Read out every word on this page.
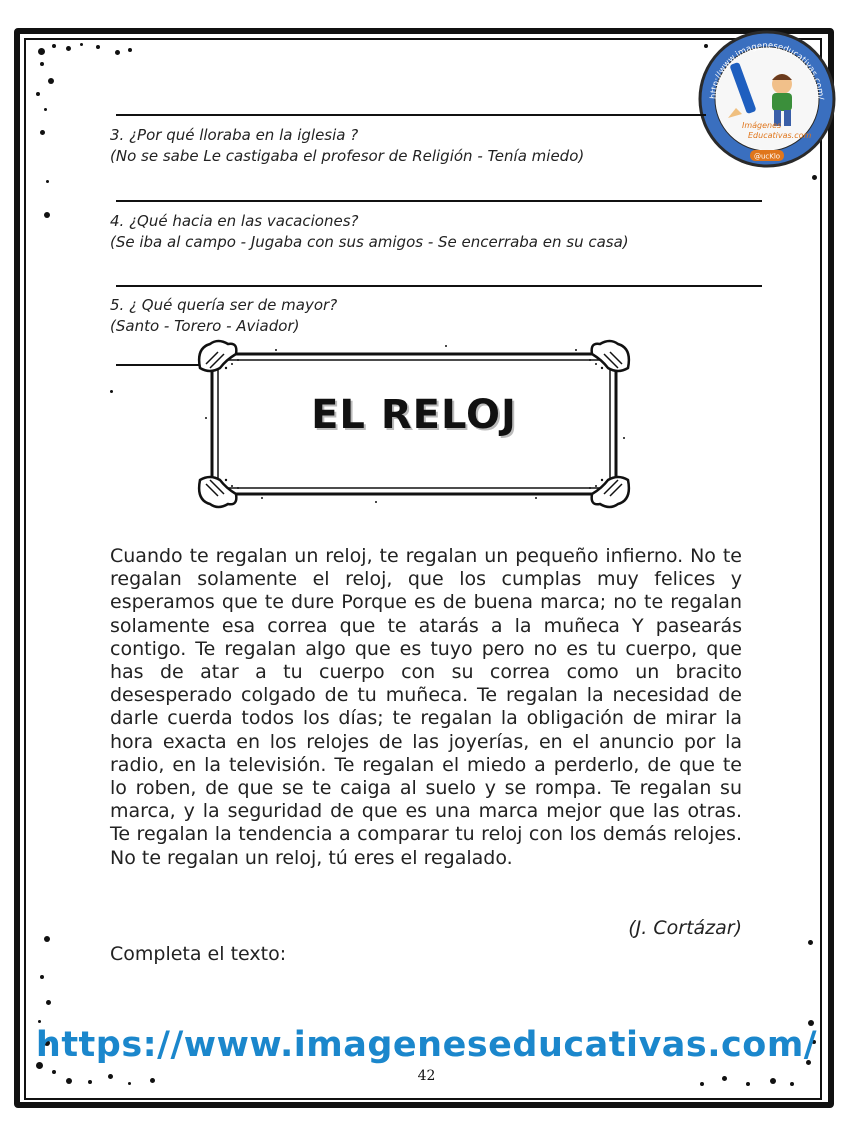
Imágenes
Educativas.com
http://www.imageneseducativas.com/
@ucKlo
3. ¿Por qué lloraba en la iglesia ?
(No se sabe Le castigaba el profesor de Religión - Tenía miedo)
4. ¿Qué hacia en las vacaciones?
(Se iba al campo - Jugaba con sus amigos - Se encerraba en su casa)
5. ¿ Qué quería ser de mayor?
(Santo - Torero - Aviador)
EL RELOJ
Cuando te regalan un reloj, te regalan un pequeño infierno. No te regalan solamente el reloj, que los cumplas muy felices y esperamos que te dure Porque es de buena marca; no te regalan solamente esa correa que te atarás a la muñeca Y pasearás contigo. Te regalan algo que es tuyo pero no es tu cuerpo, que has de atar a tu cuerpo con su correa como un bracito desesperado colgado de tu muñeca. Te regalan la necesidad de darle cuerda todos los días; te regalan la obligación de mirar la hora exacta en los relojes de las joyerías, en el anuncio por la radio, en la televisión. Te regalan el miedo a perderlo, de que te lo roben, de que se te caiga al suelo y se rompa. Te regalan su marca, y la seguridad de que es una marca mejor que las otras. Te regalan la tendencia a comparar tu reloj con los demás relojes. No te regalan un reloj, tú eres el regalado.
(J. Cortázar)
Completa el texto:
https://www.imageneseducativas.com/
42
